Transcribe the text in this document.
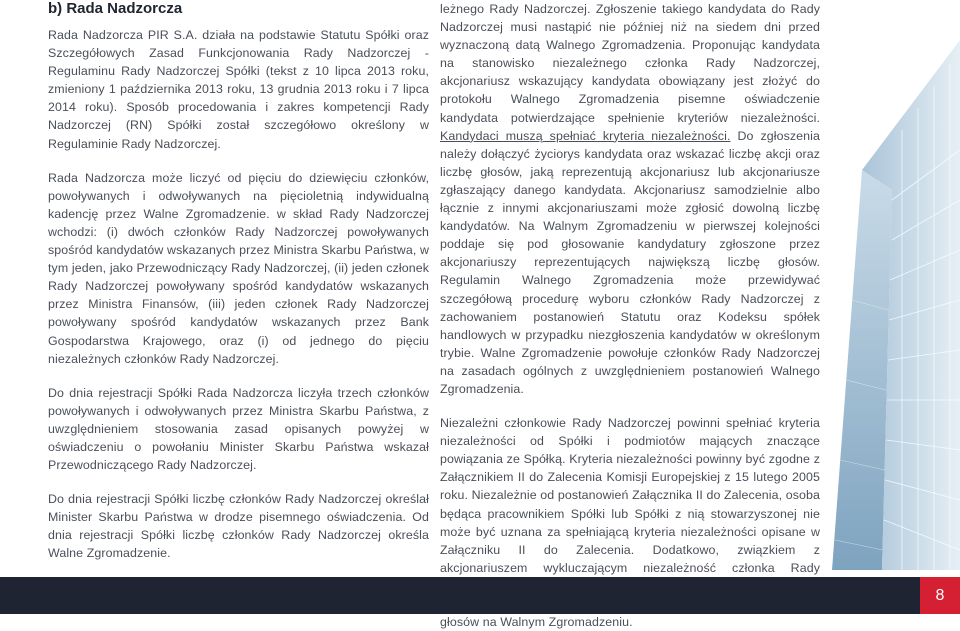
b) Rada Nadzorcza

Rada Nadzorcza PIR S.A. działa na podstawie Statutu Spółki oraz Szczegółowych Zasad Funkcjonowania Rady Nadzorczej - Regulaminu Rady Nadzorczej Spółki (tekst z 10 lipca 2013 roku, zmieniony 1 października 2013 roku, 13 grudnia 2013 roku i 7 lipca 2014 roku). Sposób procedowania i zakres kompetencji Rady Nadzorczej (RN) Spółki został szczegółowo określony w Regulaminie Rady Nadzorczej.

Rada Nadzorcza może liczyć od pięciu do dziewięciu członków, powoływanych i odwoływanych na pięcioletnią indywidualną kadencję przez Walne Zgromadzenie. w skład Rady Nadzorczej wchodzi: (i) dwóch członków Rady Nadzorczej powoływanych spośród kandydatów wskazanych przez Ministra Skarbu Państwa, w tym jeden, jako Przewodniczący Rady Nadzorczej, (ii) jeden członek Rady Nadzorczej powoływany spośród kandydatów wskazanych przez Ministra Finansów, (iii) jeden członek Rady Nadzorczej powoływany spośród kandydatów wskazanych przez Bank Gospodarstwa Krajowego, oraz (i) od jednego do pięciu niezależnych członków Rady Nadzorczej.

Do dnia rejestracji Spółki Rada Nadzorcza liczyła trzech członków powoływanych i odwoływanych przez Ministra Skarbu Państwa, z uwzględnieniem stosowania zasad opisanych powyżej w oświadczeniu o powołaniu Minister Skarbu Państwa wskazał Przewodniczącego Rady Nadzorczej.

Do dnia rejestracji Spółki liczbę członków Rady Nadzorczej określał Minister Skarbu Państwa w drodze pisemnego oświadczenia. Od dnia rejestracji Spółki liczbę członków Rady Nadzorczej określa Walne Zgromadzenie.

leżnego Rady Nadzorczej. Zgłoszenie takiego kandydata do Rady Nadzorczej musi nastąpić nie później niż na siedem dni przed wyznaczoną datą Walnego Zgromadzenia. Proponując kandydata na stanowisko niezależnego członka Rady Nadzorczej, akcjonariusz wskazujący kandydata obowiązany jest złożyć do protokołu Walnego Zgromadzenia pisemne oświadczenie kandydata potwierdzające spełnienie kryteriów niezależności. Kandydaci muszą spełniać kryteria niezależności. Do zgłoszenia należy dołączyć życiorys kandydata oraz wskazać liczbę akcji oraz liczbę głosów, jaką reprezentują akcjonariusz lub akcjonariusze zgłaszający danego kandydata. Akcjonariusz samodzielnie albo łącznie z innymi akcjonariuszami może zgłosić dowolną liczbę kandydatów. Na Walnym Zgromadzeniu w pierwszej kolejności poddaje się pod głosowanie kandydatury zgłoszone przez akcjonariuszy reprezentujących największą liczbę głosów. Regulamin Walnego Zgromadzenia może przewidywać szczegółową procedurę wyboru członków Rady Nadzorczej z zachowaniem postanowień Statutu oraz Kodeksu spółek handlowych w przypadku niezgłoszenia kandydatów w określonym trybie. Walne Zgromadzenie powołuje członków Rady Nadzorczej na zasadach ogólnych z uwzględnieniem postanowień Walnego Zgromadzenia.

Niezależni członkowie Rady Nadzorczej powinni spełniać kryteria niezależności od Spółki i podmiotów mających znaczące powiązania ze Spółką. Kryteria niezależności powinny być zgodne z Załącznikiem II do Zalecenia Komisji Europejskiej z 15 lutego 2005 roku. Niezależnie od postanowień Załącznika II do Zalecenia, osoba będąca pracownikiem Spółki lub Spółki z nią stowarzyszonej nie może być uznana za spełniającą kryteria niezależności opisane w Załączniku II do Zalecenia. Dodatkowo, związkiem z akcjonariuszem wykluczającym niezależność członka Rady głosów na Walnym Zgromadzeniu.

8
